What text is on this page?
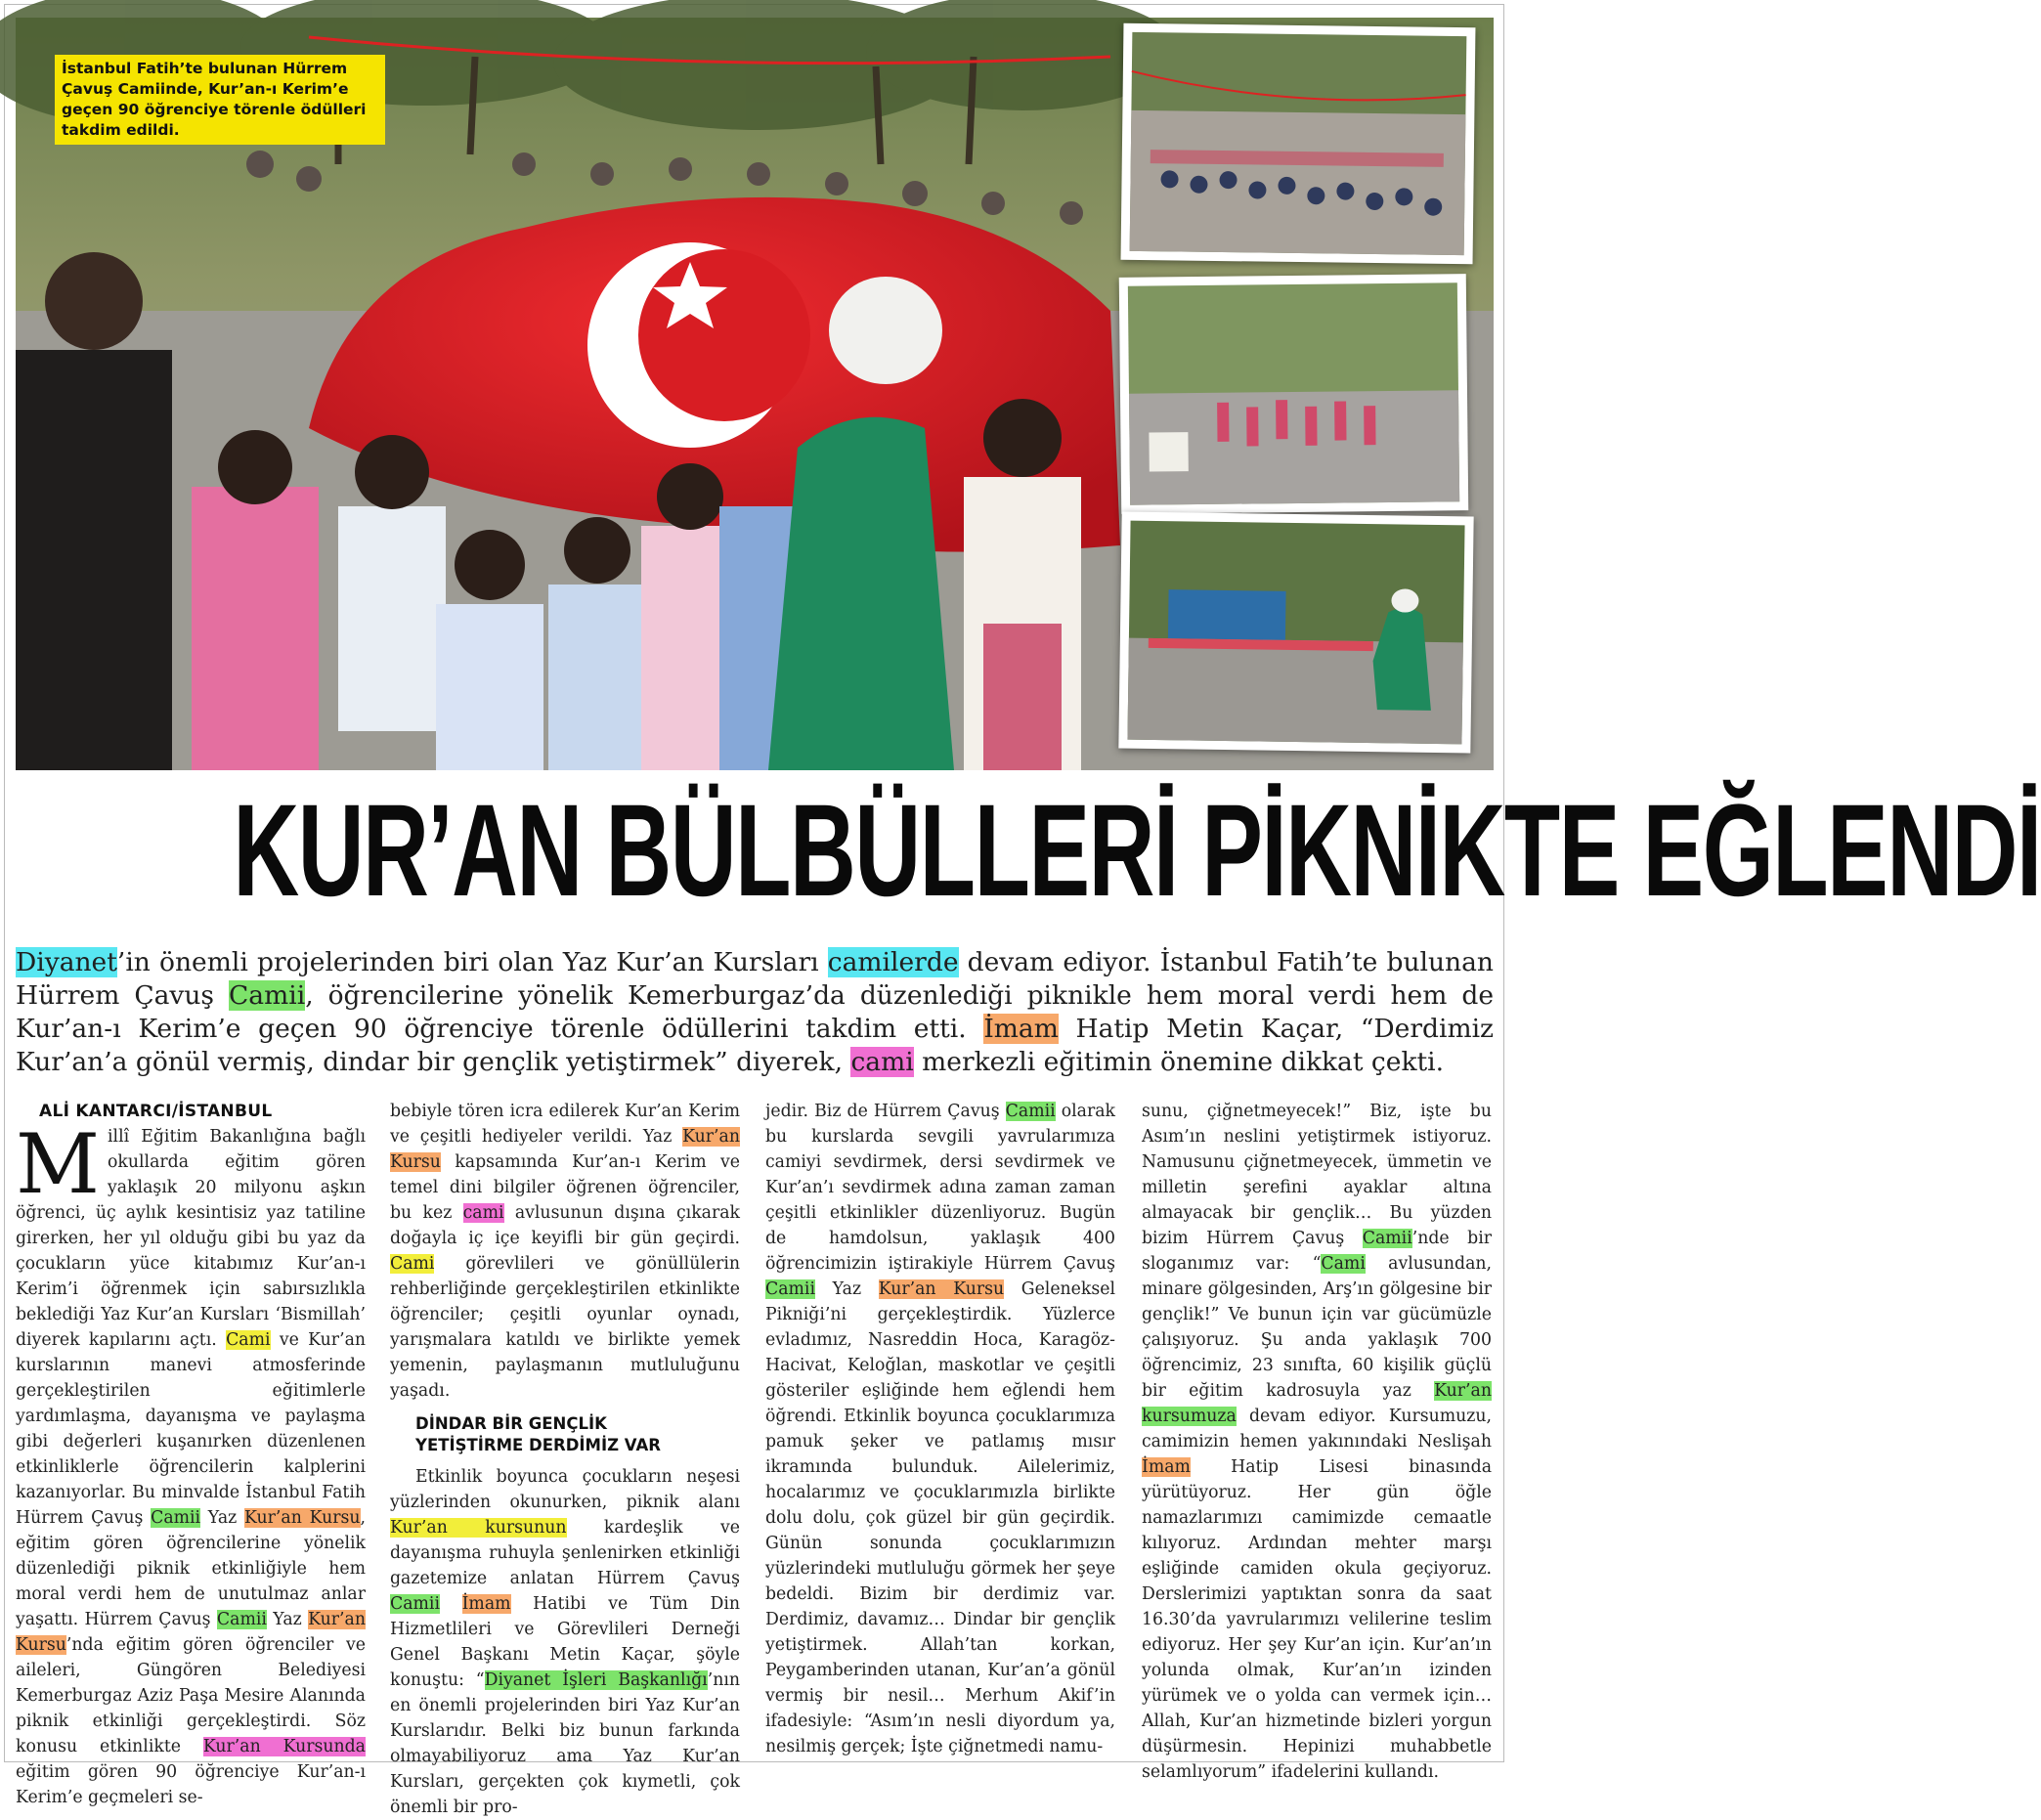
İstanbul Fatih’te bulunan Hürrem Çavuş Camiinde, Kur’an-ı Kerim’e geçen 90 öğrenciye törenle ödülleri takdim edildi.
KUR’AN BÜLBÜLLERİ PİKNİKTE EĞLENDİ

Diyanet’in önemli projelerinden biri olan Yaz Kur’an Kursları camilerde devam ediyor. İstanbul Fatih’te bulunan Hürrem Çavuş Camii, öğrencilerine yönelik Kemerburgaz’da düzenlediği piknikle hem moral verdi hem de Kur’an-ı Kerim’e geçen 90 öğrenciye törenle ödüllerini takdim etti. İmam Hatip Metin Kaçar, “Derdimiz Kur’an’a gönül vermiş, dindar bir gençlik yetiştirmek” diyerek, cami merkezli eğitimin önemine dikkat çekti.

ALİ KANTARCI/İSTANBUL

Millî Eğitim Bakanlığına bağlı okullarda eğitim gören yaklaşık 20 milyonu aşkın öğrenci, üç aylık kesintisiz yaz tatiline girerken, her yıl olduğu gibi bu yaz da çocukların yüce kitabımız Kur’an-ı Kerim’i öğrenmek için sabırsızlıkla beklediği Yaz Kur’an Kursları ‘Bismillah’ diyerek kapılarını açtı. Cami ve Kur’an kurslarının manevi atmosferinde gerçekleştirilen eğitimlerle yardımlaşma, dayanışma ve paylaşma gibi değerleri kuşanırken düzenlenen etkinliklerle öğrencilerin kalplerini kazanıyorlar. Bu minvalde İstanbul Fatih Hürrem Çavuş Camii Yaz Kur’an Kursu, eğitim gören öğrencilerine yönelik düzenlediği piknik etkinliğiyle hem moral verdi hem de unutulmaz anlar yaşattı. Hürrem Çavuş Camii Yaz Kur’an Kursu’nda eğitim gören öğrenciler ve aileleri, Güngören Belediyesi Kemerburgaz Aziz Paşa Mesire Alanında piknik etkinliği gerçekleştirdi. Söz konusu etkinlikte Kur’an Kursunda eğitim gören 90 öğrenciye Kur’an-ı Kerim’e geçmeleri se-

bebiyle tören icra edilerek Kur’an Kerim ve çeşitli hediyeler verildi. Yaz Kur’an Kursu kapsamında Kur’an-ı Kerim ve temel dini bilgiler öğrenen öğrenciler, bu kez cami avlusunun dışına çıkarak doğayla iç içe keyifli bir gün geçirdi. Cami görevlileri ve gönüllülerin rehberliğinde gerçekleştirilen etkinlikte öğrenciler; çeşitli oyunlar oynadı, yarışmalara katıldı ve birlikte yemek yemenin, paylaşmanın mutluluğunu yaşadı.

DİNDAR BİR GENÇLİK
YETİŞTİRME DERDİMİZ VAR

Etkinlik boyunca çocukların neşesi yüzlerinden okunurken, piknik alanı Kur’an kursunun kardeşlik ve dayanışma ruhuyla şenlenirken etkinliği gazetemize anlatan Hürrem Çavuş Camii İmam Hatibi ve Tüm Din Hizmetlileri ve Görevlileri Derneği Genel Başkanı Metin Kaçar, şöyle konuştu: “Diyanet İşleri Başkanlığı’nın en önemli projelerinden biri Yaz Kur’an Kurslarıdır. Belki biz bunun farkında olmayabiliyoruz ama Yaz Kur’an Kursları, gerçekten çok kıymetli, çok önemli bir pro-

jedir. Biz de Hürrem Çavuş Camii olarak bu kurslarda sevgili yavrularımıza camiyi sevdirmek, dersi sevdirmek ve Kur’an’ı sevdirmek adına zaman zaman çeşitli etkinlikler düzenliyoruz. Bugün de hamdolsun, yaklaşık 400 öğrencimizin iştirakiyle Hürrem Çavuş Camii Yaz Kur’an Kursu Geleneksel Pikniği’ni gerçekleştirdik. Yüzlerce evladımız, Nasreddin Hoca, Karagöz-Hacivat, Keloğlan, maskotlar ve çeşitli gösteriler eşliğinde hem eğlendi hem öğrendi. Etkinlik boyunca çocuklarımıza pamuk şeker ve patlamış mısır ikramında bulunduk. Ailelerimiz, hocalarımız ve çocuklarımızla birlikte dolu dolu, çok güzel bir gün geçirdik. Günün sonunda çocuklarımızın yüzlerindeki mutluluğu görmek her şeye bedeldi. Bizim bir derdimiz var. Derdimiz, davamız… Dindar bir gençlik yetiştirmek. Allah’tan korkan, Peygamberinden utanan, Kur’an’a gönül vermiş bir nesil… Merhum Akif’in ifadesiyle: “Asım’ın nesli diyordum ya, nesilmiş gerçek; İşte çiğnetmedi namu-

sunu, çiğnetmeyecek!” Biz, işte bu Asım’ın neslini yetiştirmek istiyoruz. Namusunu çiğnetmeyecek, ümmetin ve milletin şerefini ayaklar altına almayacak bir gençlik… Bu yüzden bizim Hürrem Çavuş Camii’nde bir sloganımız var: “Cami avlusundan, minare gölgesinden, Arş’ın gölgesine bir gençlik!” Ve bunun için var gücümüzle çalışıyoruz. Şu anda yaklaşık 700 öğrencimiz, 23 sınıfta, 60 kişilik güçlü bir eğitim kadrosuyla yaz Kur’an kursumuza devam ediyor. Kursumuzu, camimizin hemen yakınındaki Neslişah İmam Hatip Lisesi binasında yürütüyoruz. Her gün öğle namazlarımızı camimizde cemaatle kılıyoruz. Ardından mehter marşı eşliğinde camiden okula geçiyoruz. Derslerimizi yaptıktan sonra da saat 16.30’da yavrularımızı velilerine teslim ediyoruz. Her şey Kur’an için. Kur’an’ın yolunda olmak, Kur’an’ın izinden yürümek ve o yolda can vermek için… Allah, Kur’an hizmetinde bizleri yorgun düşürmesin. Hepinizi muhabbetle selamlıyorum” ifadelerini kullandı.
